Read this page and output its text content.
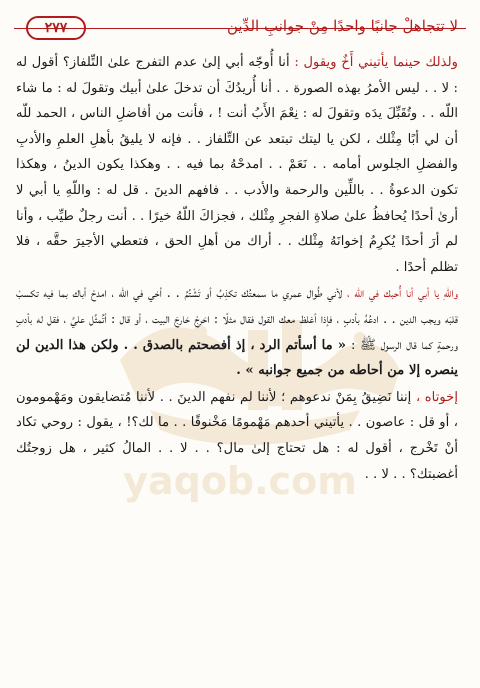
لا تتجاهلْ جانبًا واحدًا مِنْ جوانبِ الدِّين
٢٧٧
yaqob.com

ولذلك حينما يأتيني أَخٌ ويقول : أنا أُوجّه أبي إلىٰ عدم التفرج علىٰ التِّلفاز؟ أقول له : لا . . ليس الأمرُ بهذه الصورة . . أنا أُريدُكَ أن تدخلَ علىٰ أبيك وتقولَ له : ما شاء اللّه . . وتُقَبِّلَ يدَه وتقولَ له : نِعْمَ الأَبُ أنت ! ، فأنت من أفاضلِ الناس ، الحمد للّه أن لي أبًا مِثْلك ، لكن يا ليتك تبتعد عن التِّلفاز . . فإنه لا يليقُ بأهلِ العلمِ والأدبِ والفضلِ الجلوس أمامه . . نَعَمْ . . امدحْهُ بما فيه . . وهكذا يكون الدينُ ، وهكذا تكون الدعوةُ . . باللِّين والرحمة والأدب . . فافهم الدينَ . قل له : واللّهِ يا أبي لا أرىٰ أحدًا يُحافظُ علىٰ صلاةِ الفجرِ مِثْلك ، فجزاكَ اللّهُ خيرًا . . أنت رجلٌ طيِّب ، وأنا لم أرَ أحدًا يُكرِمُ إخوانَهُ مِثْلك . . أراك من أهلِ الحق ، فتعطي الأجيرَ حقَّه ، فلا تظلم أحدًا .

واللّهِ يا أبي أنا أُحبك في اللّه ، لأني طُوال عمري ما سمعتُك تكذِبُ أو تَشْتُمُ . . أخي في اللّه ، امدحْ أباك بما فيه تكسبْ قلبَه ويجب الدين . . ادعُهُ بأدبٍ ، فإذا أغلظ معك القول فقال مثلًا : اخرجْ خارجَ البيت ، أو قال : أتُمثِّل عليَّ ، فقل له بأدبٍ ورحمةٍ كما قال الرسول ﷺ : « ما أسأتم الرد ، إذ أفصحتم بالصدق . . ولكن هذا الدين لن ينصره إلا من أحاطه من جميع جوانبه » .

إخوتاه ، إننا نَضِيقُ بِمَنْ ندعوهم ؛ لأننا لم نفهم الدينَ . . لأننا مُتضايقون ومَهْمومون ، أو قل : عاصون . . يأتيني أحدهم مَهْمومًا مَخْنوقًا . . ما لك؟! ، يقول : روحي تكاد أنْ تَخْرج ، أقول له : هل تحتاج إلىٰ مال؟ . . لا . . المالُ كثير ، هل زوجتُك أغضبتك؟ . . لا . .
